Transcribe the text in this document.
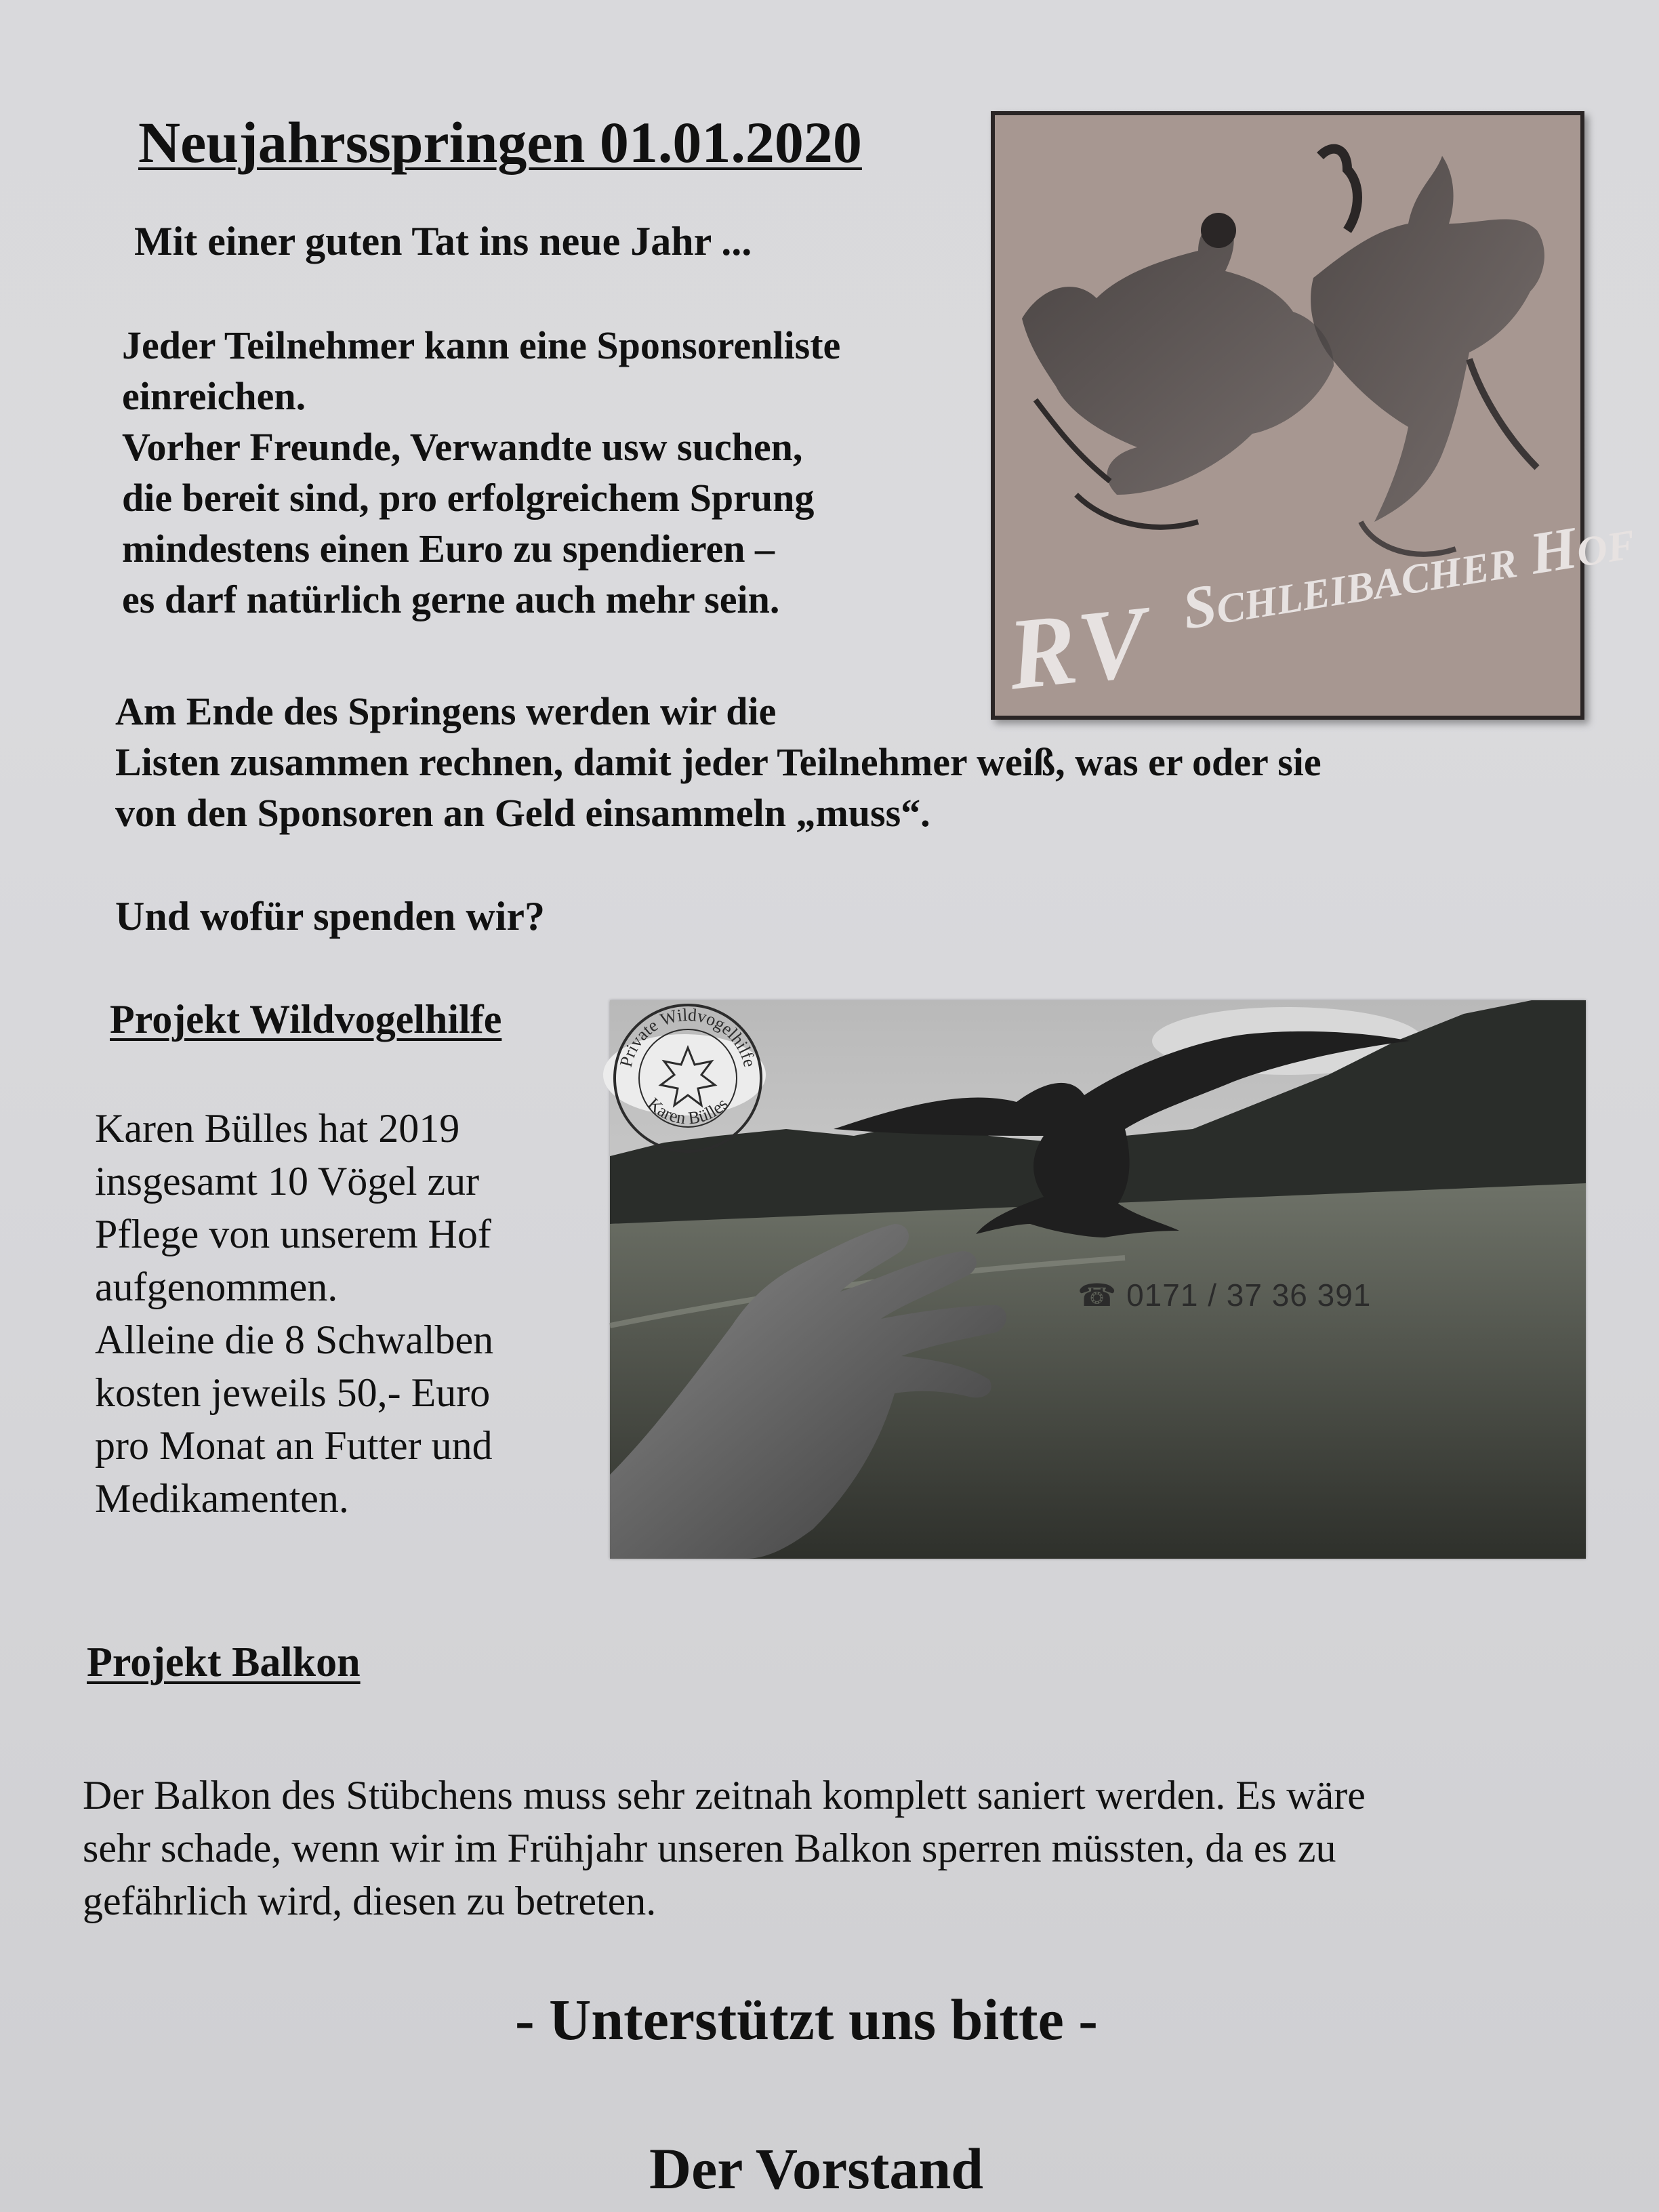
Neujahrsspringen 01.01.2020
Mit einer guten Tat ins neue Jahr ...
Jeder Teilnehmer kann eine Sponsorenliste
einreichen.
Vorher Freunde, Verwandte usw suchen,
die bereit sind, pro erfolgreichem Sprung
mindestens einen Euro zu spendieren –
es darf natürlich gerne auch mehr sein.	RV
Schleibacher Hof
Am Ende des Springens werden wir die
Listen zusammen rechnen, damit jeder Teilnehmer weiß, was er oder sie
von den Sponsoren an Geld einsammeln „muss“.
Und wofür spenden wir?
Projekt Wildvogelhilfe
Karen Bülles hat 2019
insgesamt 10 Vögel zur
Pflege von unserem Hof
aufgenommen.
Alleine die 8 Schwalben
kosten jeweils 50,- Euro
pro Monat an Futter und
Medikamenten.
☎ 0171 / 37 36 391
Private Wildvogelhilfe
Karen Bülles
Projekt Balkon
Der Balkon des Stübchens muss sehr zeitnah komplett saniert werden. Es wäre
sehr schade, wenn wir im Frühjahr unseren Balkon sperren müssten, da es zu
gefährlich wird, diesen zu betreten.
- Unterstützt uns bitte -
Der Vorstand
